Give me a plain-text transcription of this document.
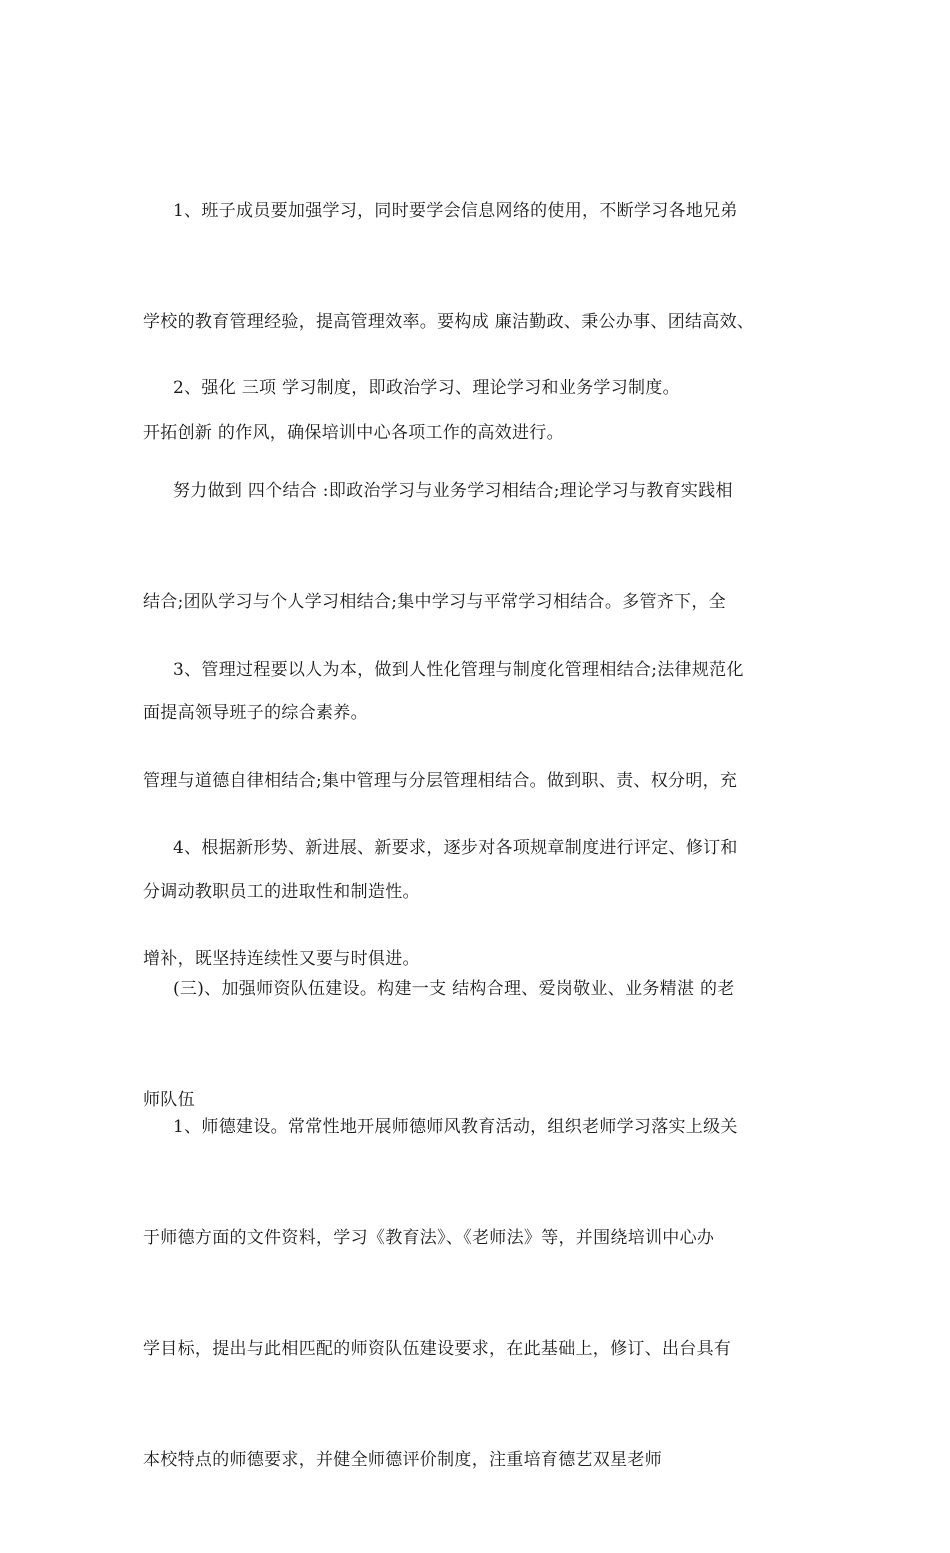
1、班子成员要加强学习，同时要学会信息网络的使用，不断学习各地兄弟

学校的教育管理经验，提高管理效率。要构成 廉洁勤政、秉公办事、团结高效、

开拓创新 的作风，确保培训中心各项工作的高效进行。

2、强化 三项 学习制度，即政治学习、理论学习和业务学习制度。

努力做到 四个结合 :即政治学习与业务学习相结合;理论学习与教育实践相

结合;团队学习与个人学习相结合;集中学习与平常学习相结合。多管齐下，全

面提高领导班子的综合素养。

3、管理过程要以人为本，做到人性化管理与制度化管理相结合;法律规范化

管理与道德自律相结合;集中管理与分层管理相结合。做到职、责、权分明，充

分调动教职员工的进取性和制造性。

4、根据新形势、新进展、新要求，逐步对各项规章制度进行评定、修订和

增补，既坚持连续性又要与时俱进。

(三)、加强师资队伍建设。构建一支 结构合理、爱岗敬业、业务精湛 的老

师队伍

1、师德建设。常常性地开展师德师风教育活动，组织老师学习落实上级关

于师德方面的文件资料，学习《教育法》、《老师法》等，并围绕培训中心办

学目标，提出与此相匹配的师资队伍建设要求，在此基础上，修订、出台具有

本校特点的师德要求，并健全师德评价制度，注重培育德艺双星老师
